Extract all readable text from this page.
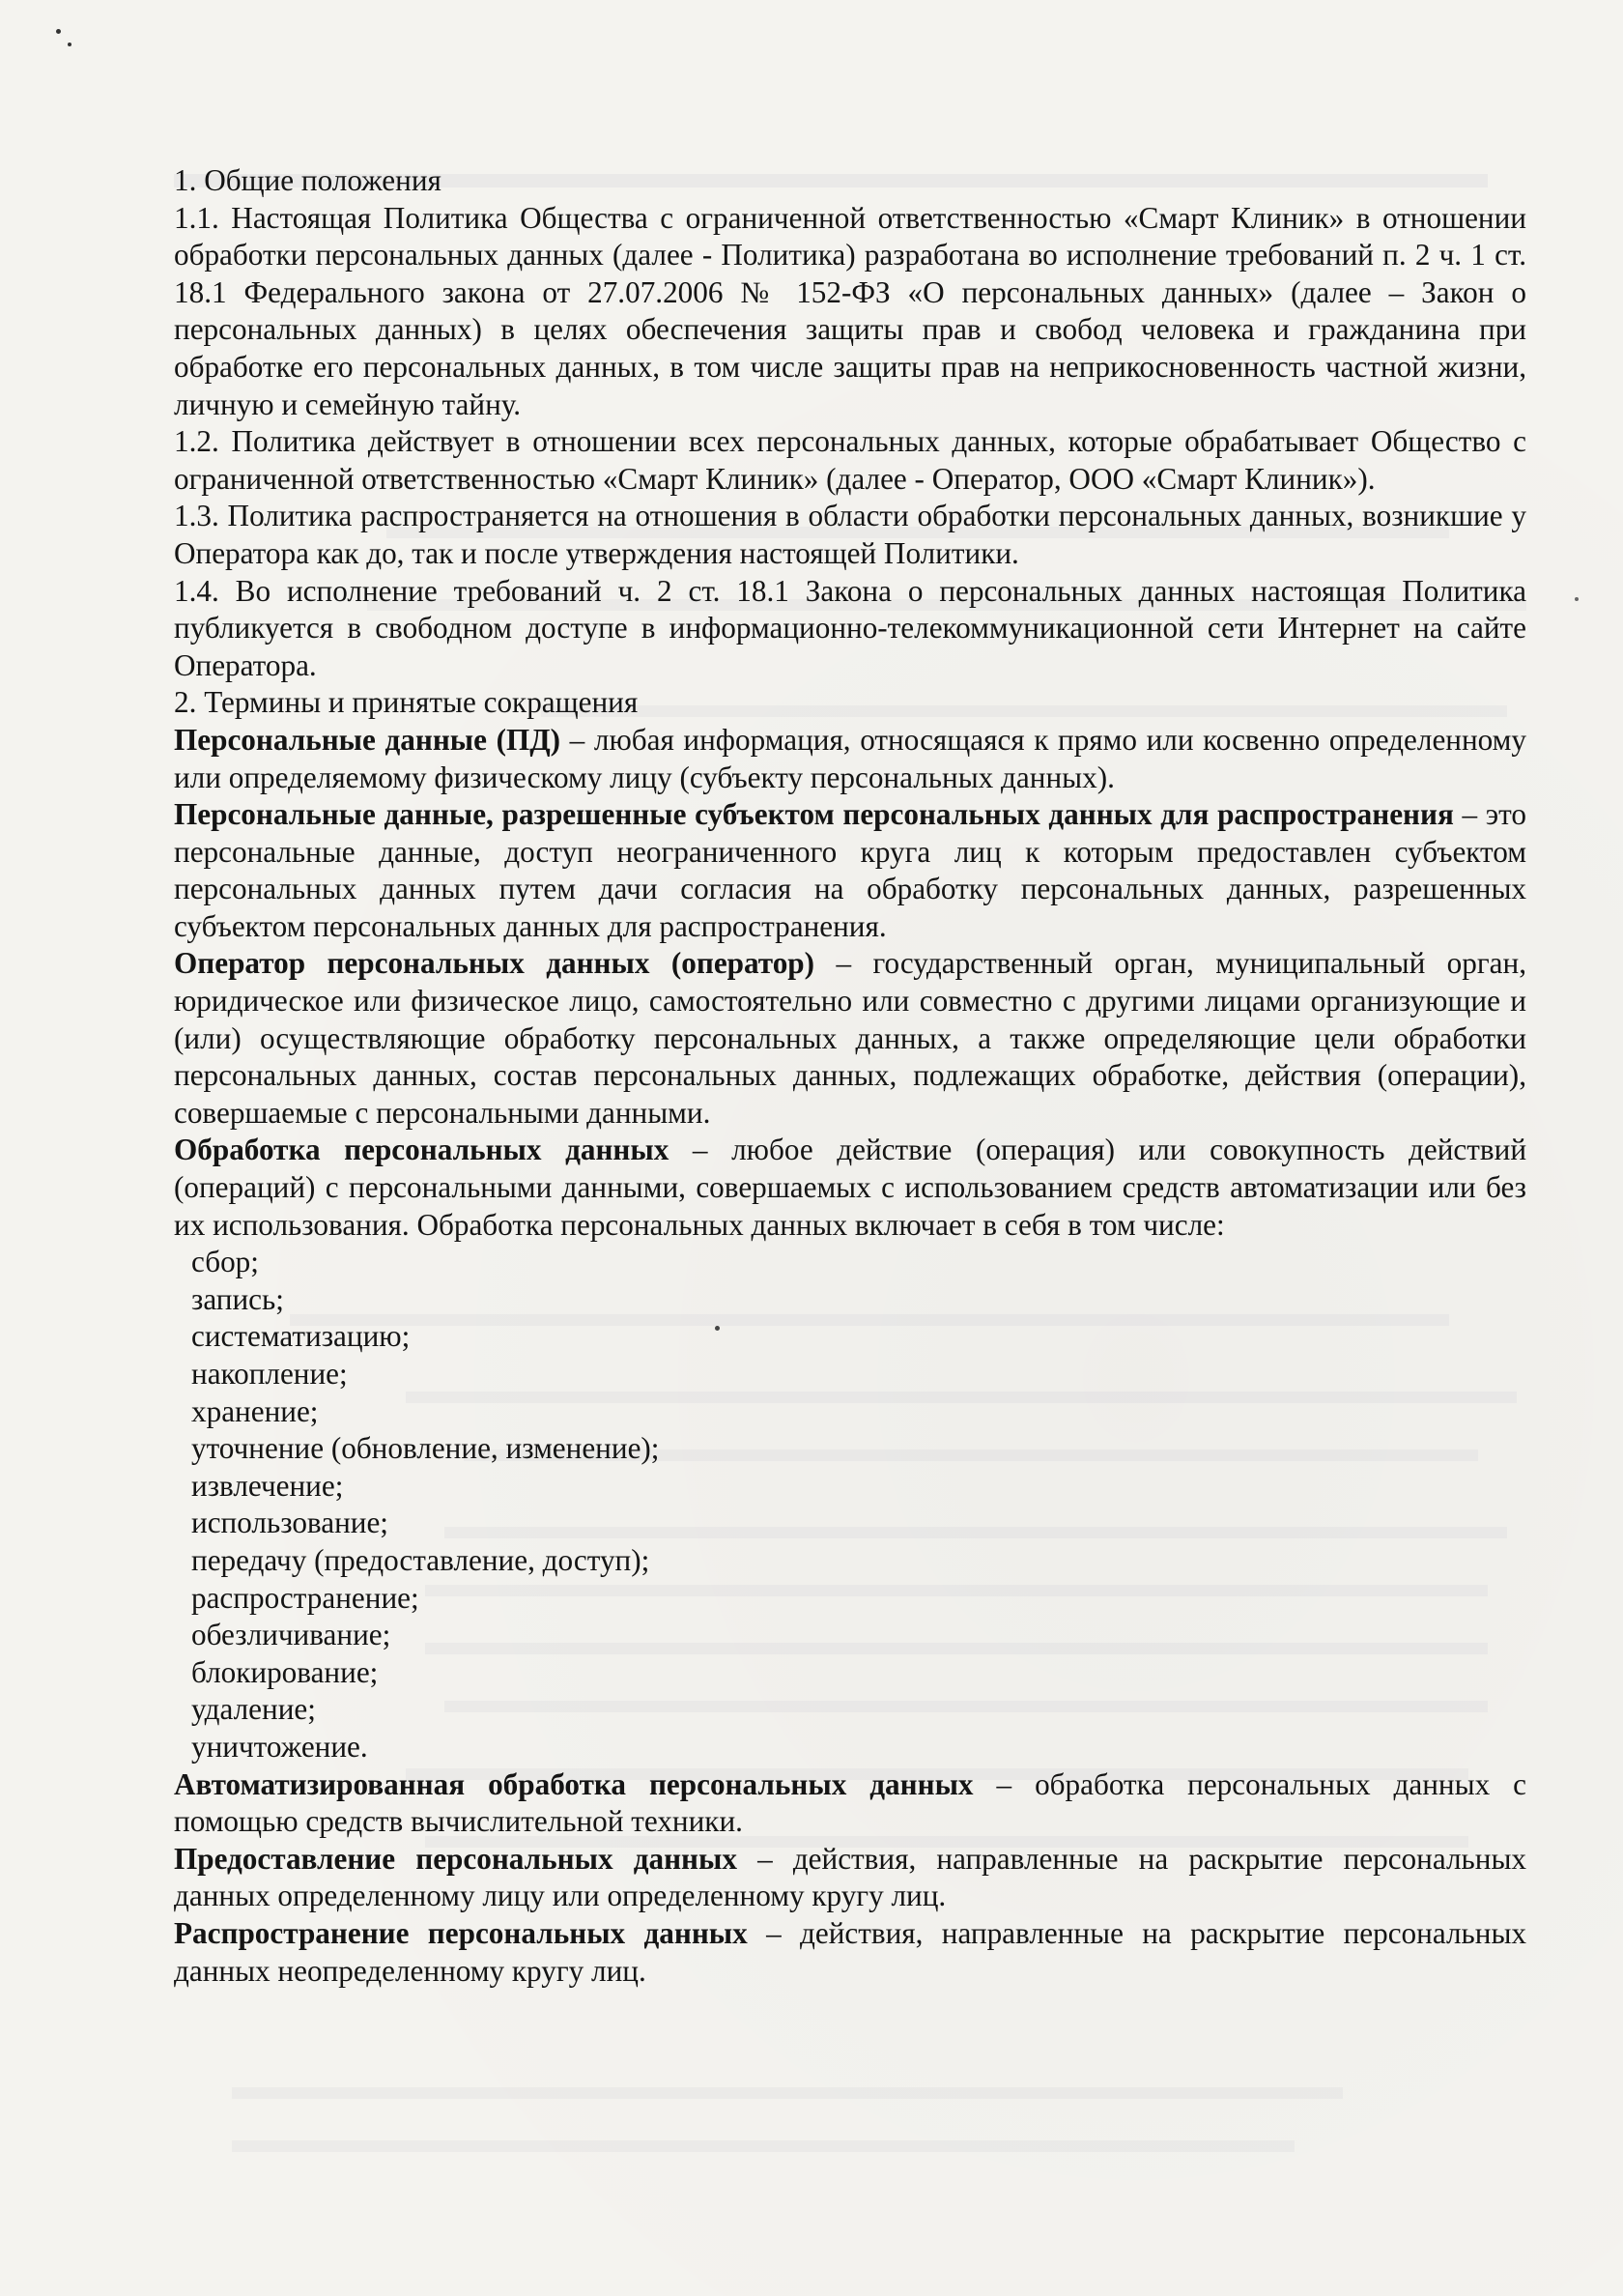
1. Общие положения

1.1. Настоящая Политика Общества с ограниченной ответственностью «Смарт Клиник» в отношении обработки персональных данных (далее - Политика) разработана во исполнение требований п. 2 ч. 1 ст. 18.1 Федерального закона от 27.07.2006 № 152-ФЗ «О персональных данных» (далее – Закон о персональных данных) в целях обеспечения защиты прав и свобод человека и гражданина при обработке его персональных данных, в том числе защиты прав на неприкосновенность частной жизни, личную и семейную тайну.

1.2. Политика действует в отношении всех персональных данных, которые обрабатывает Общество с ограниченной ответственностью «Смарт Клиник» (далее - Оператор, ООО «Смарт Клиник»).

1.3. Политика распространяется на отношения в области обработки персональных данных, возникшие у Оператора как до, так и после утверждения настоящей Политики.

1.4. Во исполнение требований ч. 2 ст. 18.1 Закона о персональных данных настоящая Политика публикуется в свободном доступе в информационно-телекоммуникационной сети Интернет на сайте Оператора.

2. Термины и принятые сокращения

Персональные данные (ПД) – любая информация, относящаяся к прямо или косвенно определенному или определяемому физическому лицу (субъекту персональных данных).

Персональные данные, разрешенные субъектом персональных данных для распространения – это персональные данные, доступ неограниченного круга лиц к которым предоставлен субъектом персональных данных путем дачи согласия на обработку персональных данных, разрешенных субъектом персональных данных для распространения.

Оператор персональных данных (оператор) – государственный орган, муниципальный орган, юридическое или физическое лицо, самостоятельно или совместно с другими лицами организующие и (или) осуществляющие обработку персональных данных, а также определяющие цели обработки персональных данных, состав персональных данных, подлежащих обработке, действия (операции), совершаемые с персональными данными.

Обработка персональных данных – любое действие (операция) или совокупность действий (операций) с персональными данными, совершаемых с использованием средств автоматизации или без их использования. Обработка персональных данных включает в себя в том числе:

сбор;

запись;

систематизацию;

накопление;

хранение;

уточнение (обновление, изменение);

извлечение;

использование;

передачу (предоставление, доступ);

распространение;

обезличивание;

блокирование;

удаление;

уничтожение.

Автоматизированная обработка персональных данных – обработка персональных данных с помощью средств вычислительной техники.

Предоставление персональных данных – действия, направленные на раскрытие персональных данных определенному лицу или определенному кругу лиц.

Распространение персональных данных – действия, направленные на раскрытие персональных данных неопределенному кругу лиц.
